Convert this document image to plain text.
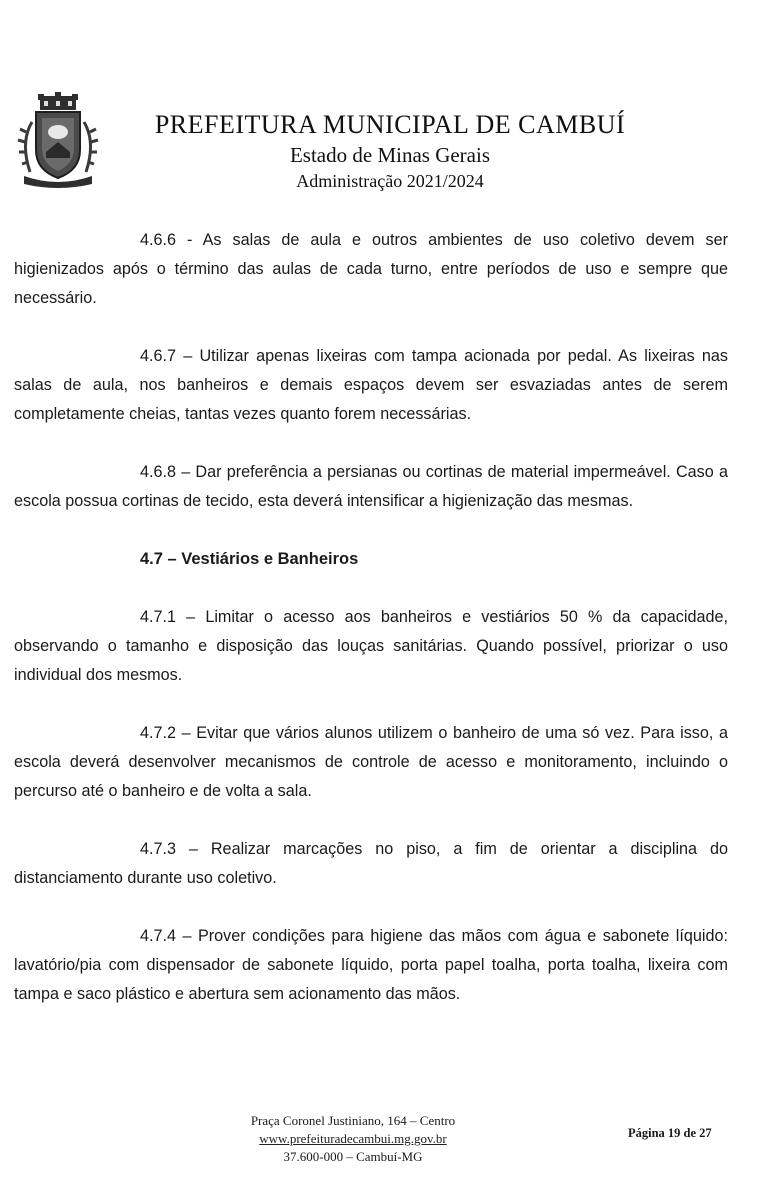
PREFEITURA MUNICIPAL DE CAMBUÍ
Estado de Minas Gerais
Administração 2021/2024

4.6.6 - As salas de aula e outros ambientes de uso coletivo devem ser higienizados após o término das aulas de cada turno, entre períodos de uso e sempre que necessário.

4.6.7 – Utilizar apenas lixeiras com tampa acionada por pedal. As lixeiras nas salas de aula, nos banheiros e demais espaços devem ser esvaziadas antes de serem completamente cheias, tantas vezes quanto forem necessárias.

4.6.8 – Dar preferência a persianas ou cortinas de material impermeável. Caso a escola possua cortinas de tecido, esta deverá intensificar a higienização das mesmas.

4.7 – Vestiários e Banheiros

4.7.1 – Limitar o acesso aos banheiros e vestiários 50 % da capacidade, observando o tamanho e disposição das louças sanitárias. Quando possível, priorizar o uso individual dos mesmos.

4.7.2 – Evitar que vários alunos utilizem o banheiro de uma só vez. Para isso, a escola deverá desenvolver mecanismos de controle de acesso e monitoramento, incluindo o percurso até o banheiro e de volta a sala.

4.7.3 – Realizar marcações no piso, a fim de orientar a disciplina do distanciamento durante uso coletivo.

4.7.4 – Prover condições para higiene das mãos com água e sabonete líquido: lavatório/pia com dispensador de sabonete líquido, porta papel toalha, porta toalha, lixeira com tampa e saco plástico e abertura sem acionamento das mãos.

Praça Coronel Justiniano, 164 – Centro
www.prefeituradecambui.mg.gov.br
37.600-000 – Cambuí-MG
Página 19 de 27
